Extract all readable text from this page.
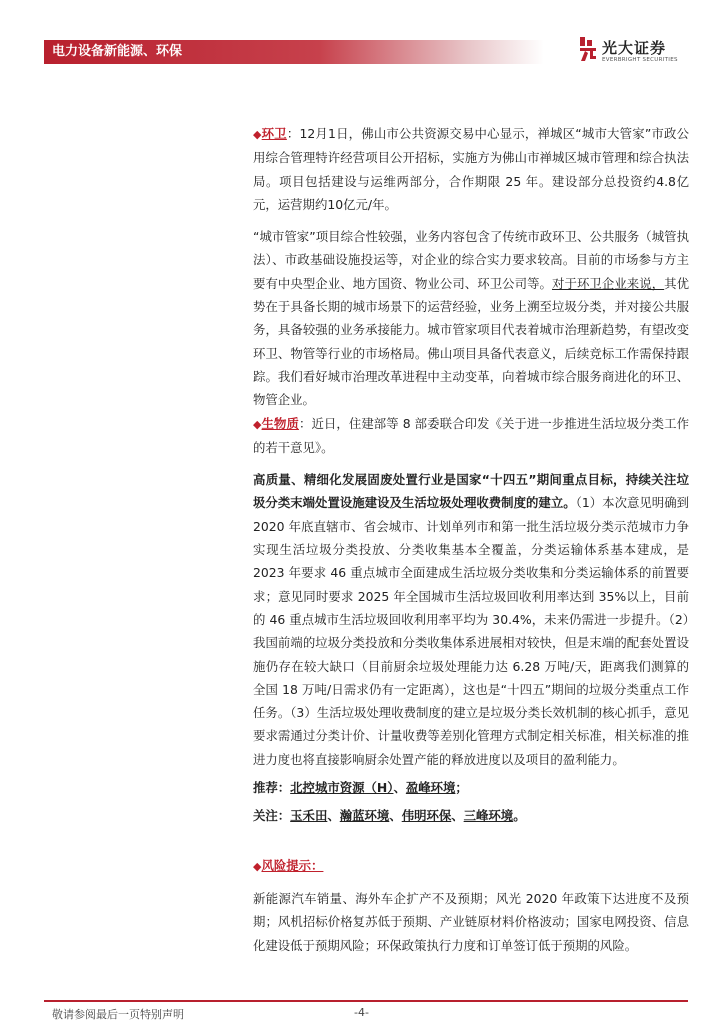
电力设备新能源、环保	光大证券
EVERBRIGHT SECURITIES

◆环卫：12月1日，佛山市公共资源交易中心显示，禅城区“城市大管家”市政公用综合管理特许经营项目公开招标，实施方为佛山市禅城区城市管理和综合执法局。项目包括建设与运维两部分，合作期限 25 年。建设部分总投资约4.8亿元，运营期约10亿元/年。

“城市管家”项目综合性较强，业务内容包含了传统市政环卫、公共服务（城管执法）、市政基础设施投运等，对企业的综合实力要求较高。目前的市场参与方主要有中央型企业、地方国资、物业公司、环卫公司等。对于环卫企业来说，其优势在于具备长期的城市场景下的运营经验，业务上溯至垃圾分类，并对接公共服务，具备较强的业务承接能力。城市管家项目代表着城市治理新趋势，有望改变环卫、物管等行业的市场格局。佛山项目具备代表意义，后续竞标工作需保持跟踪。我们看好城市治理改革进程中主动变革，向着城市综合服务商进化的环卫、物管企业。

◆生物质：近日，住建部等 8 部委联合印发《关于进一步推进生活垃圾分类工作的若干意见》。

高质量、精细化发展固废处置行业是国家“十四五”期间重点目标，持续关注垃圾分类末端处置设施建设及生活垃圾处理收费制度的建立。（1）本次意见明确到 2020 年底直辖市、省会城市、计划单列市和第一批生活垃圾分类示范城市力争实现生活垃圾分类投放、分类收集基本全覆盖，分类运输体系基本建成，是 2023 年要求 46 重点城市全面建成生活垃圾分类收集和分类运输体系的前置要求；意见同时要求 2025 年全国城市生活垃圾回收利用率达到 35%以上，目前的 46 重点城市生活垃圾回收利用率平均为 30.4%，未来仍需进一步提升。（2）我国前端的垃圾分类投放和分类收集体系进展相对较快，但是末端的配套处置设施仍存在较大缺口（目前厨余垃圾处理能力达 6.28 万吨/天，距离我们测算的全国 18 万吨/日需求仍有一定距离），这也是“十四五”期间的垃圾分类重点工作任务。（3）生活垃圾处理收费制度的建立是垃圾分类长效机制的核心抓手，意见要求需通过分类计价、计量收费等差别化管理方式制定相关标准，相关标准的推进力度也将直接影响厨余处置产能的释放进度以及项目的盈利能力。

推荐：北控城市资源（H）、盈峰环境；

关注：玉禾田、瀚蓝环境、伟明环保、三峰环境。

◆风险提示：

新能源汽车销量、海外车企扩产不及预期；风光 2020 年政策下达进度不及预期；风机招标价格复苏低于预期、产业链原材料价格波动；国家电网投资、信息化建设低于预期风险；环保政策执行力度和订单签订低于预期的风险。

敬请参阅最后一页特别声明	-4-
